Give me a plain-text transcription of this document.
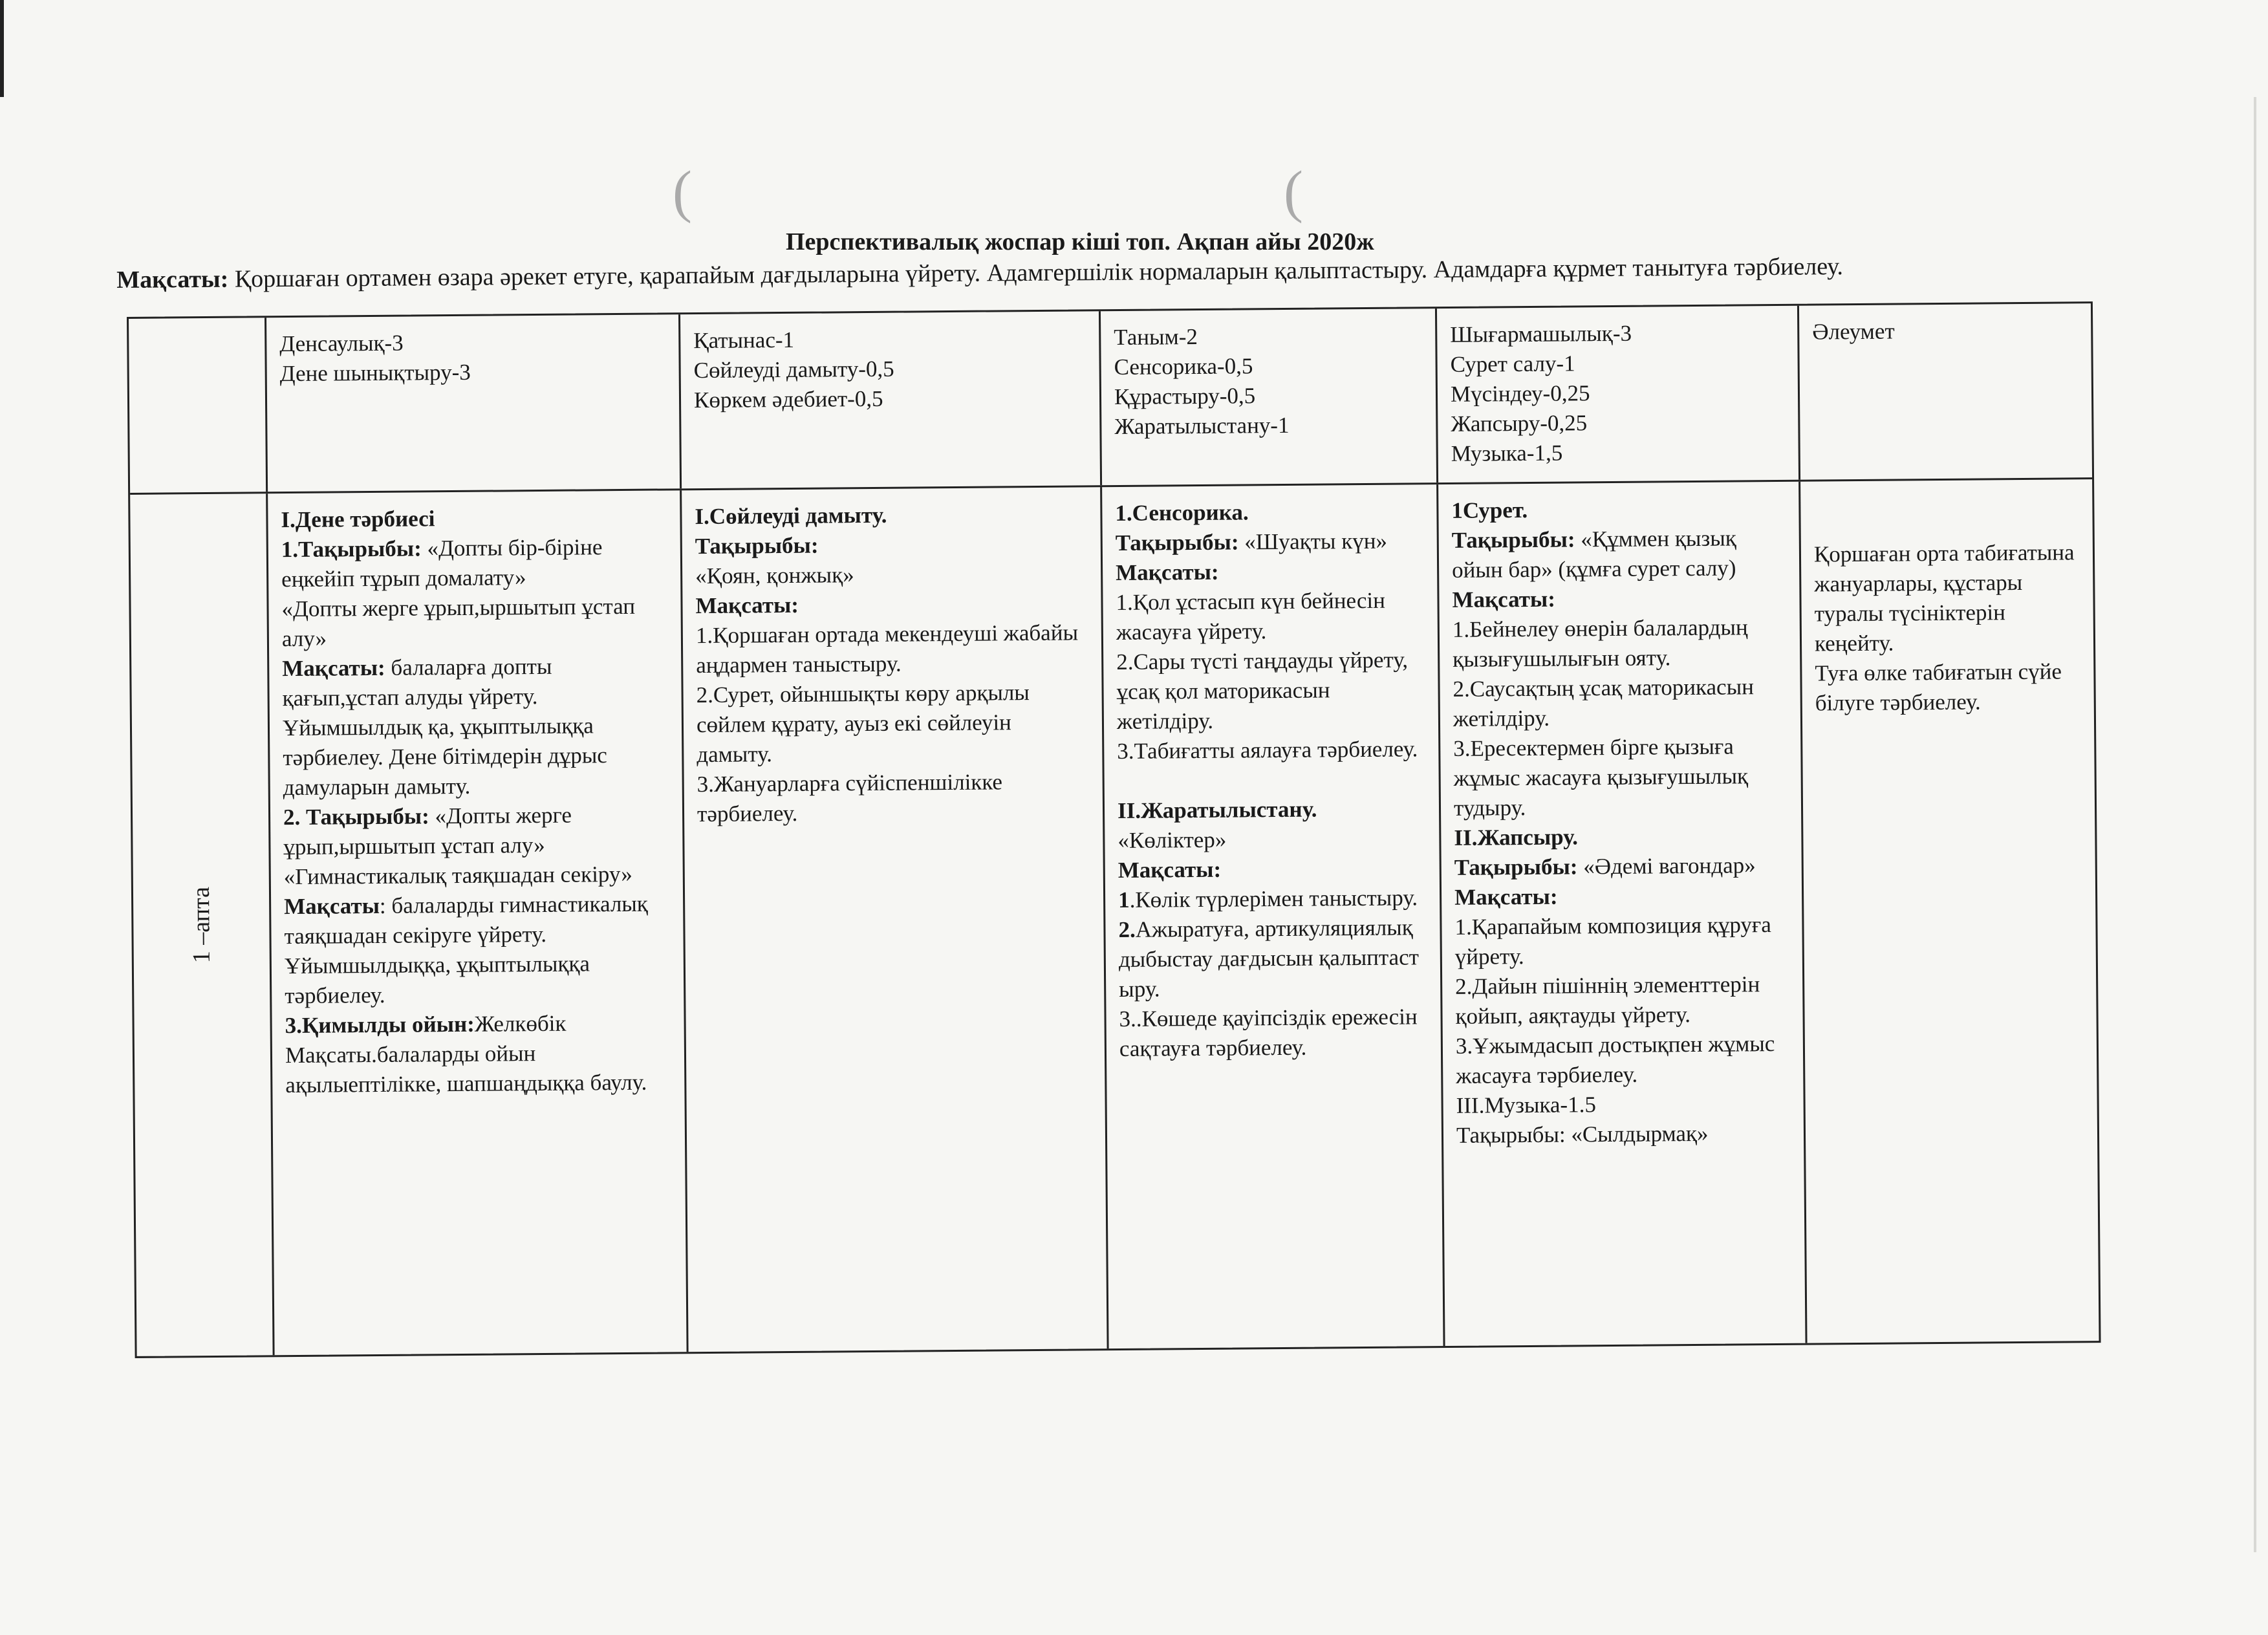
(	(
Перспективалық жоспар кіші топ. Ақпан айы 2020ж
Мақсаты: Қоршаған ортамен өзара әрекет етуге, қарапайым дағдыларына үйрету. Адамгершілік нормаларын қалыптастыру. Адамдарға құрмет танытуға тәрбиелеу.
Денсаулық-3
Дене шынықтыру-3
Қатынас-1
Сөйлеуді дамыту-0,5
Көркем әдебиет-0,5
Таным-2
Сенсорика-0,5
Құрастыру-0,5
Жаратылыстану-1
Шығармашылық-3
Сурет салу-1
Мүсіндеу-0,25
Жапсыру-0,25
Музыка-1,5
Әлеумет
1 –апта
І.Дене тәрбиесі
1.Тақырыбы: «Допты бір-біріне еңкейіп тұрып домалату»
«Допты жерге ұрып,ыршытып ұстап алу»
Мақсаты: балаларға допты қағып,ұстап алуды үйрету. Ұйымшылдық қа, ұқыптылыққа тәрбиелеу. Дене бітімдерін дұрыс дамуларын дамыту.
2. Тақырыбы: «Допты жерге ұрып,ыршытып ұстап алу»
«Гимнастикалық таяқшадан секіру»
Мақсаты: балаларды гимнастикалық таяқшадан секіруге үйрету.
Ұйымшылдыққа, ұқыптылыққа тәрбиелеу.
3.Қимылды ойын:Желкөбік
Мақсаты.балаларды ойын ақылыептілікке, шапшаңдыққа баулу.
І.Сөйлеуді дамыту.
Тақырыбы:
«Қоян, қонжық»
Мақсаты:
1.Қоршаған ортада мекендеуші жабайы аңдармен таныстыру.
2.Сурет, ойыншықты көру арқылы сөйлем құрату, ауыз екі сөйлеуін дамыту.
3.Жануарларға сүйіспеншілікке тәрбиелеу.
1.Сенсорика.
Тақырыбы: «Шуақты күн»
Мақсаты:
1.Қол ұстасып күн бейнесін жасауға үйрету.
2.Сары түсті таңдауды үйрету, ұсақ қол маторикасын жетілдіру.
3.Табиғатты аялауға тәрбиелеу.
ІІ.Жаратылыстану.
«Көліктер»
Мақсаты:
1.Көлік түрлерімен таныстыру.
2.Ажыратуға, артикуляциялық дыбыстау дағдысын қалыптаст ыру.
3..Көшеде қауіпсіздік ережесін сақтауға тәрбиелеу.
1Сурет.
Тақырыбы: «Құммен қызық ойын бар» (құмға сурет салу)
Мақсаты:
1.Бейнелеу өнерін балалардың қызығушылығын ояту.
2.Саусақтың ұсақ маторикасын жетілдіру.
3.Ересектермен бірге қызыға жұмыс жасауға қызығушылық тудыру.
ІІ.Жапсыру.
Тақырыбы: «Әдемі вагондар»
Мақсаты:
1.Қарапайым композиция құруға үйрету.
2.Дайын пішіннің элементтерін қойып, аяқтауды үйрету.
3.Ұжымдасып достықпен жұмыс жасауға тәрбиелеу.
ІІІ.Музыка-1.5
Тақырыбы: «Сылдырмақ»
Қоршаған орта табиғатына жануарлары, құстары туралы түсініктерін кеңейту.
Туға өлке табиғатын сүйе білуге тәрбиелеу.
